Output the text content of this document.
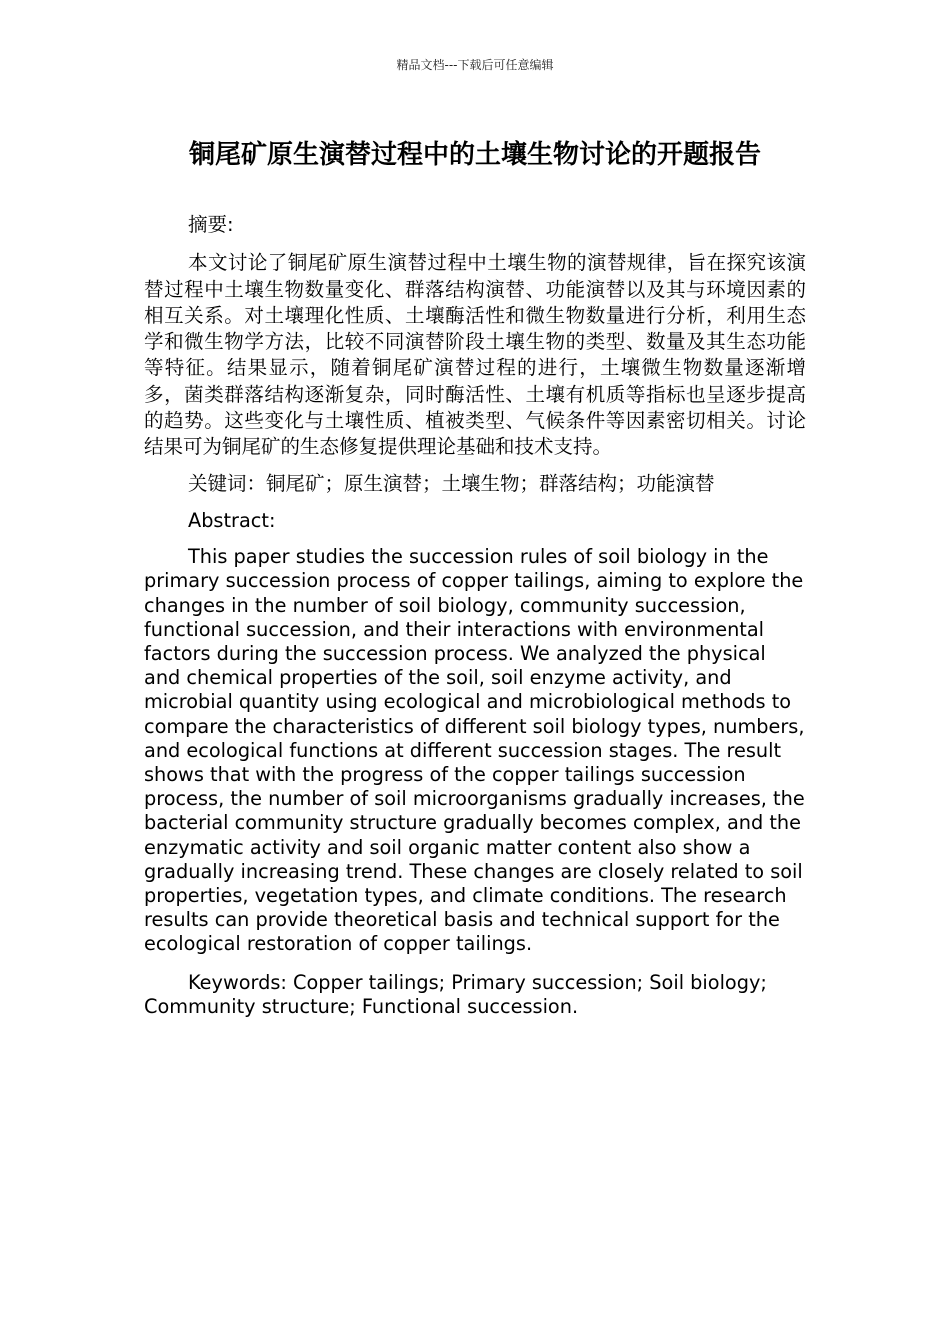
精品文档---下载后可任意编辑
铜尾矿原生演替过程中的土壤生物讨论的开题报告

摘要:

本文讨论了铜尾矿原生演替过程中土壤生物的演替规律，旨在探究该演替过程中土壤生物数量变化、群落结构演替、功能演替以及其与环境因素的相互关系。对土壤理化性质、土壤酶活性和微生物数量进行分析，利用生态学和微生物学方法，比较不同演替阶段土壤生物的类型、数量及其生态功能等特征。结果显示，随着铜尾矿演替过程的进行，土壤微生物数量逐渐增多，菌类群落结构逐渐复杂，同时酶活性、土壤有机质等指标也呈逐步提高的趋势。这些变化与土壤性质、植被类型、气候条件等因素密切相关。讨论结果可为铜尾矿的生态修复提供理论基础和技术支持。

关键词：铜尾矿；原生演替；土壤生物；群落结构；功能演替

Abstract:

This paper studies the succession rules of soil biology in the primary succession process of copper tailings, aiming to explore the changes in the number of soil biology, community succession, functional succession, and their interactions with environmental factors during the succession process. We analyzed the physical and chemical properties of the soil, soil enzyme activity, and microbial quantity using ecological and microbiological methods to compare the characteristics of different soil biology types, numbers, and ecological functions at different succession stages. The result shows that with the progress of the copper tailings succession process, the number of soil microorganisms gradually increases, the bacterial community structure gradually becomes complex, and the enzymatic activity and soil organic matter content also show a gradually increasing trend. These changes are closely related to soil properties, vegetation types, and climate conditions. The research results can provide theoretical basis and technical support for the ecological restoration of copper tailings.

Keywords: Copper tailings; Primary succession; Soil biology; Community structure; Functional succession.
